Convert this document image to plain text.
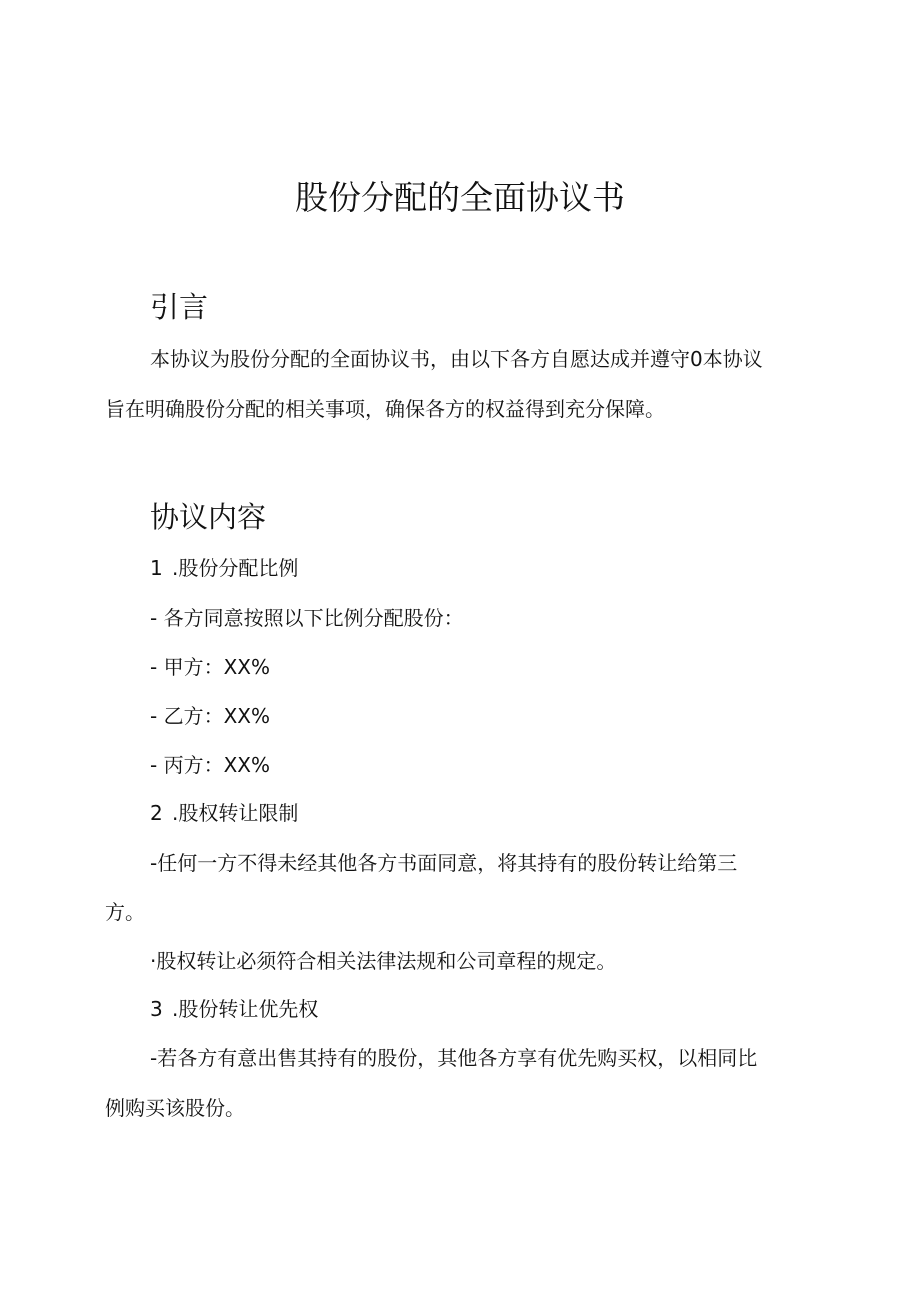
股份分配的全面协议书
引言

本协议为股份分配的全面协议书，由以下各方自愿达成并遵守0本协议

旨在明确股份分配的相关事项，确保各方的权益得到充分保障。

协议内容

1 .股份分配比例

- 各方同意按照以下比例分配股份：

- 甲方：XX%

- 乙方：XX%

- 丙方：XX%

2 .股权转让限制

-任何一方不得未经其他各方书面同意，将其持有的股份转让给第三

方。

·股权转让必须符合相关法律法规和公司章程的规定。

3 .股份转让优先权

-若各方有意出售其持有的股份，其他各方享有优先购买权，以相同比

例购买该股份。
